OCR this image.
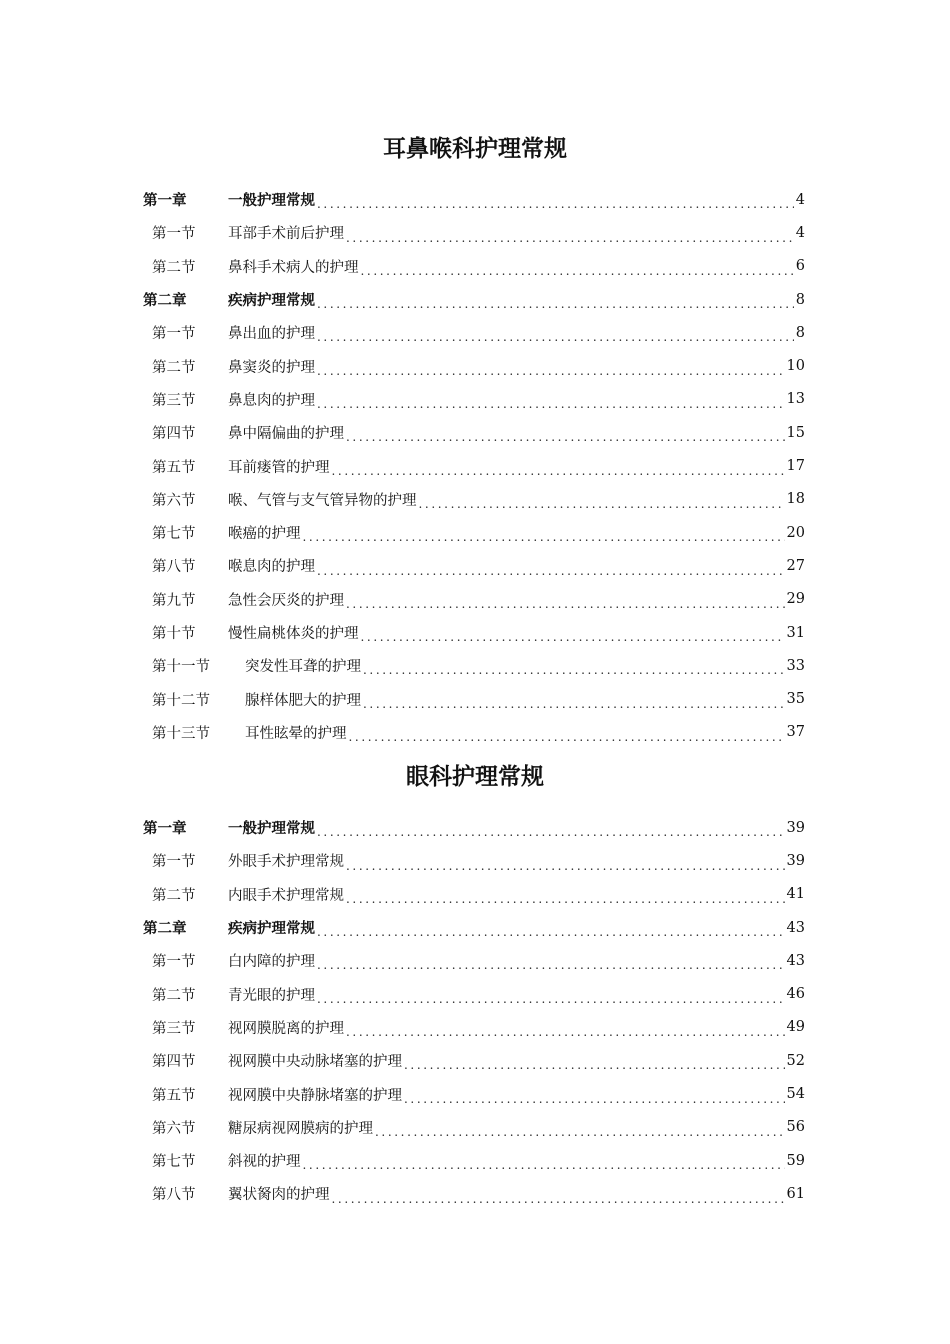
耳鼻喉科护理常规
第一章	一般护理常规 .....	4
第一节	耳部手术前后护理 .....	4
第二节	鼻科手术病人的护理 .....	6
第二章	疾病护理常规 .....	8
第一节	鼻出血的护理 .....	8
第二节	鼻窦炎的护理 .....	10
第三节	鼻息肉的护理 .....	13
第四节	鼻中隔偏曲的护理 .....	15
第五节	耳前瘘管的护理 .....	17
第六节	喉、气管与支气管异物的护理 .....	18
第七节	喉癌的护理 .....	20
第八节	喉息肉的护理 .....	27
第九节	急性会厌炎的护理 .....	29
第十节	慢性扁桃体炎的护理 .....	31
第十一节	突发性耳聋的护理 .....	33
第十二节	腺样体肥大的护理 .....	35
第十三节	耳性眩晕的护理 .....	37
眼科护理常规
第一章	一般护理常规 .....	39
第一节	外眼手术护理常规 .....	39
第二节	内眼手术护理常规 .....	41
第二章	疾病护理常规 .....	43
第一节	白内障的护理 .....	43
第二节	青光眼的护理 .....	46
第三节	视网膜脱离的护理 .....	49
第四节	视网膜中央动脉堵塞的护理 .....	52
第五节	视网膜中央静脉堵塞的护理 .....	54
第六节	糖尿病视网膜病的护理 .....	56
第七节	斜视的护理 .....	59
第八节	翼状胬肉的护理 .....	61
